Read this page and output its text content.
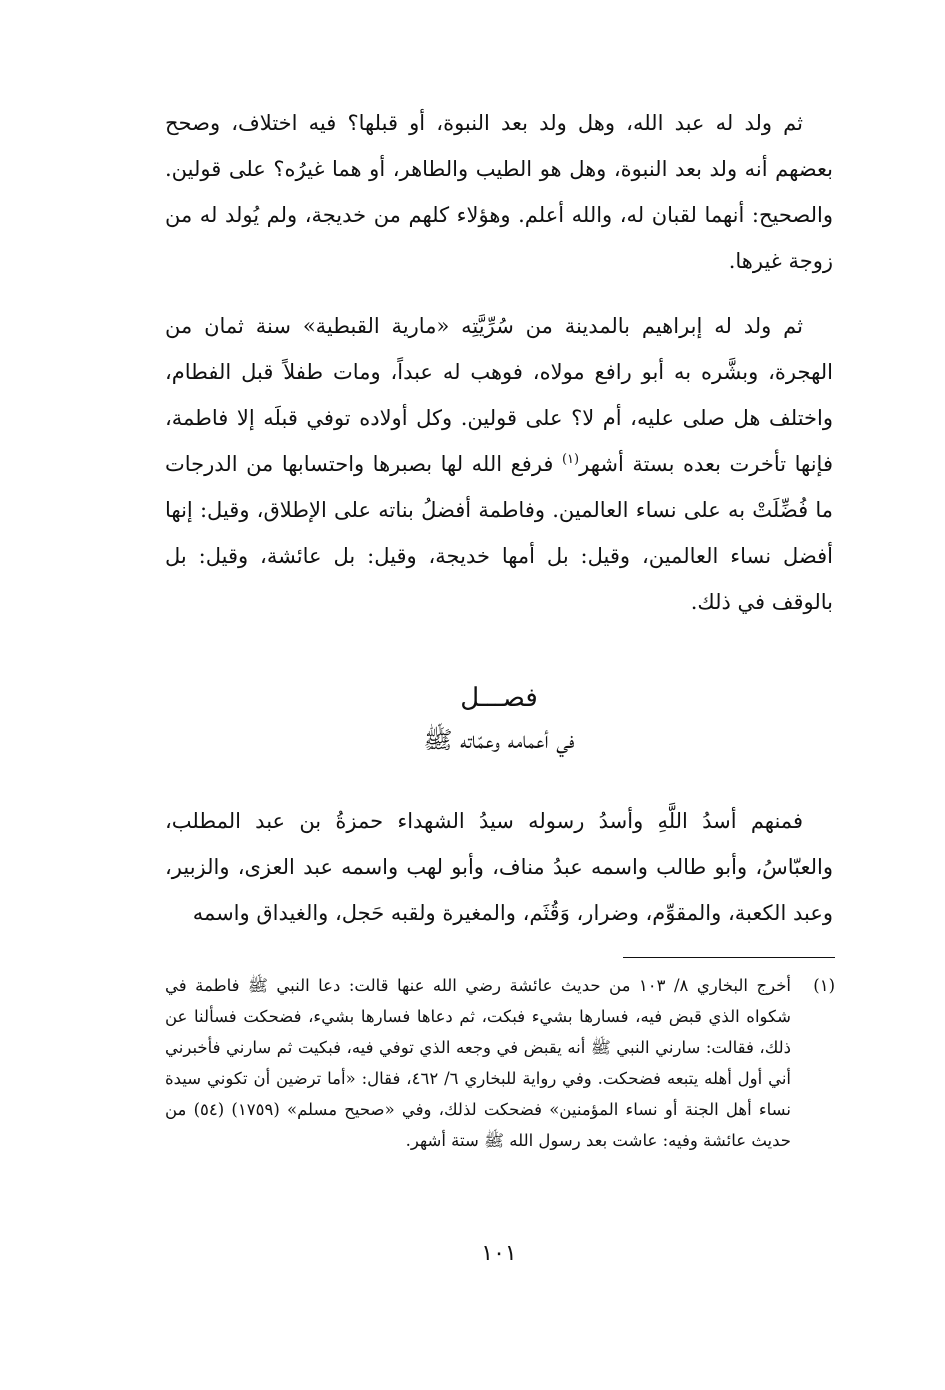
ثم ولد له عبد الله، وهل ولد بعد النبوة، أو قبلها؟ فيه اختلاف، وصحح بعضهم أنه ولد بعد النبوة، وهل هو الطيب والطاهر، أو هما غيرُه؟ على قولين. والصحيح: أنهما لقبان له، والله أعلم. وهؤلاء كلهم من خديجة، ولم يُولد له من زوجة غيرها.

ثم ولد له إبراهيم بالمدينة من سُرِّيَّتِه «مارية القبطية» سنة ثمان من الهجرة، وبشَّره به أبو رافع مولاه، فوهب له عبداً، ومات طفلاً قبل الفطام، واختلف هل صلى عليه، أم لا؟ على قولين. وكل أولاده توفي قبلَه إلا فاطمة، فإنها تأخرت بعده بستة أشهر$^{(١)}$ فرفع الله لها بصبرها واحتسابها من الدرجات ما فُضِّلَتْ به على نساء العالمين. وفاطمة أفضلُ بناته على الإطلاق، وقيل: إنها أفضل نساء العالمين، وقيل: بل أمها خديجة، وقيل: بل عائشة، وقيل: بل بالوقف في ذلك.

فصـــل
في أعمامه وعمّاته ﷺ

فمنهم أسدُ اللَّهِ وأسدُ رسوله سيدُ الشهداء حمزةُ بن عبد المطلب، والعبّاسُ، وأبو طالب واسمه عبدُ مناف، وأبو لهب واسمه عبد العزى، والزبير، وعبد الكعبة، والمقوِّم، وضرار، وَقُثَم، والمغيرة ولقبه حَجل، والغيداق واسمه

(١)
أخرج البخاري ٨/ ١٠٣ من حديث عائشة رضي الله عنها قالت: دعا النبي ﷺ فاطمة في شكواه الذي قبض فيه، فسارها بشيء فبكت، ثم دعاها فسارها بشيء، فضحكت فسألنا عن ذلك، فقالت: سارني النبي ﷺ أنه يقبض في وجعه الذي توفي فيه، فبكيت ثم سارني فأخبرني أني أول أهله يتبعه فضحكت. وفي رواية للبخاري ٦/ ٤٦٢، فقال: «أما ترضين أن تكوني سيدة نساء أهل الجنة أو نساء المؤمنين» فضحكت لذلك، وفي «صحيح مسلم» (١٧٥٩) (٥٤) من حديث عائشة وفيه: عاشت بعد رسول الله ﷺ ستة أشهر.
١٠١
